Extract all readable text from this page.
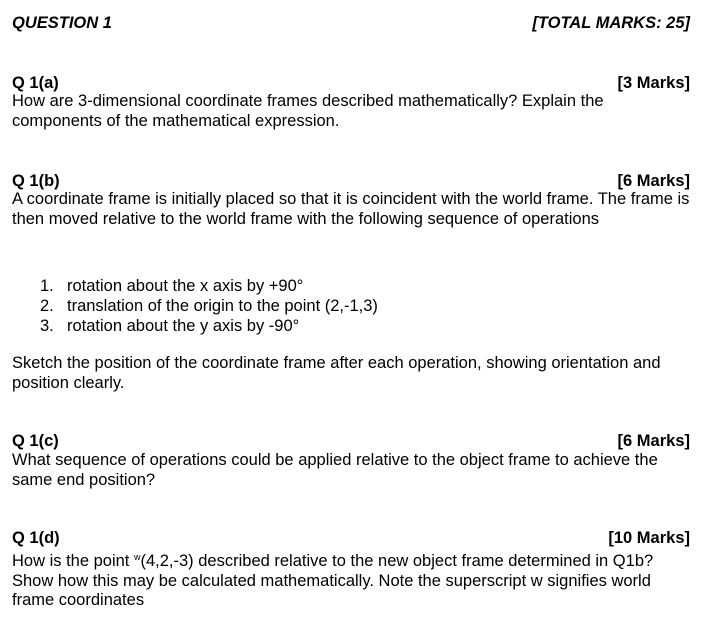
QUESTION 1	[TOTAL MARKS: 25]
Q 1(a)	[3 Marks]
How are 3-dimensional coordinate frames described mathematically? Explain the components of the mathematical expression.
Q 1(b)	[6 Marks]
A coordinate frame is initially placed so that it is coincident with the world frame. The frame is then moved relative to the world frame with the following sequence of operations
1. rotation about the x axis by +90°
2. translation of the origin to the point (2,-1,3)
3. rotation about the y axis by -90°
Sketch the position of the coordinate frame after each operation, showing orientation and position clearly.
Q 1(c)	[6 Marks]
What sequence of operations could be applied relative to the object frame to achieve the same end position?
Q 1(d)	[10 Marks]
How is the point $^w$(4,2,-3) described relative to the new object frame determined in Q1b? Show how this may be calculated mathematically. Note the superscript w signifies world frame coordinates
